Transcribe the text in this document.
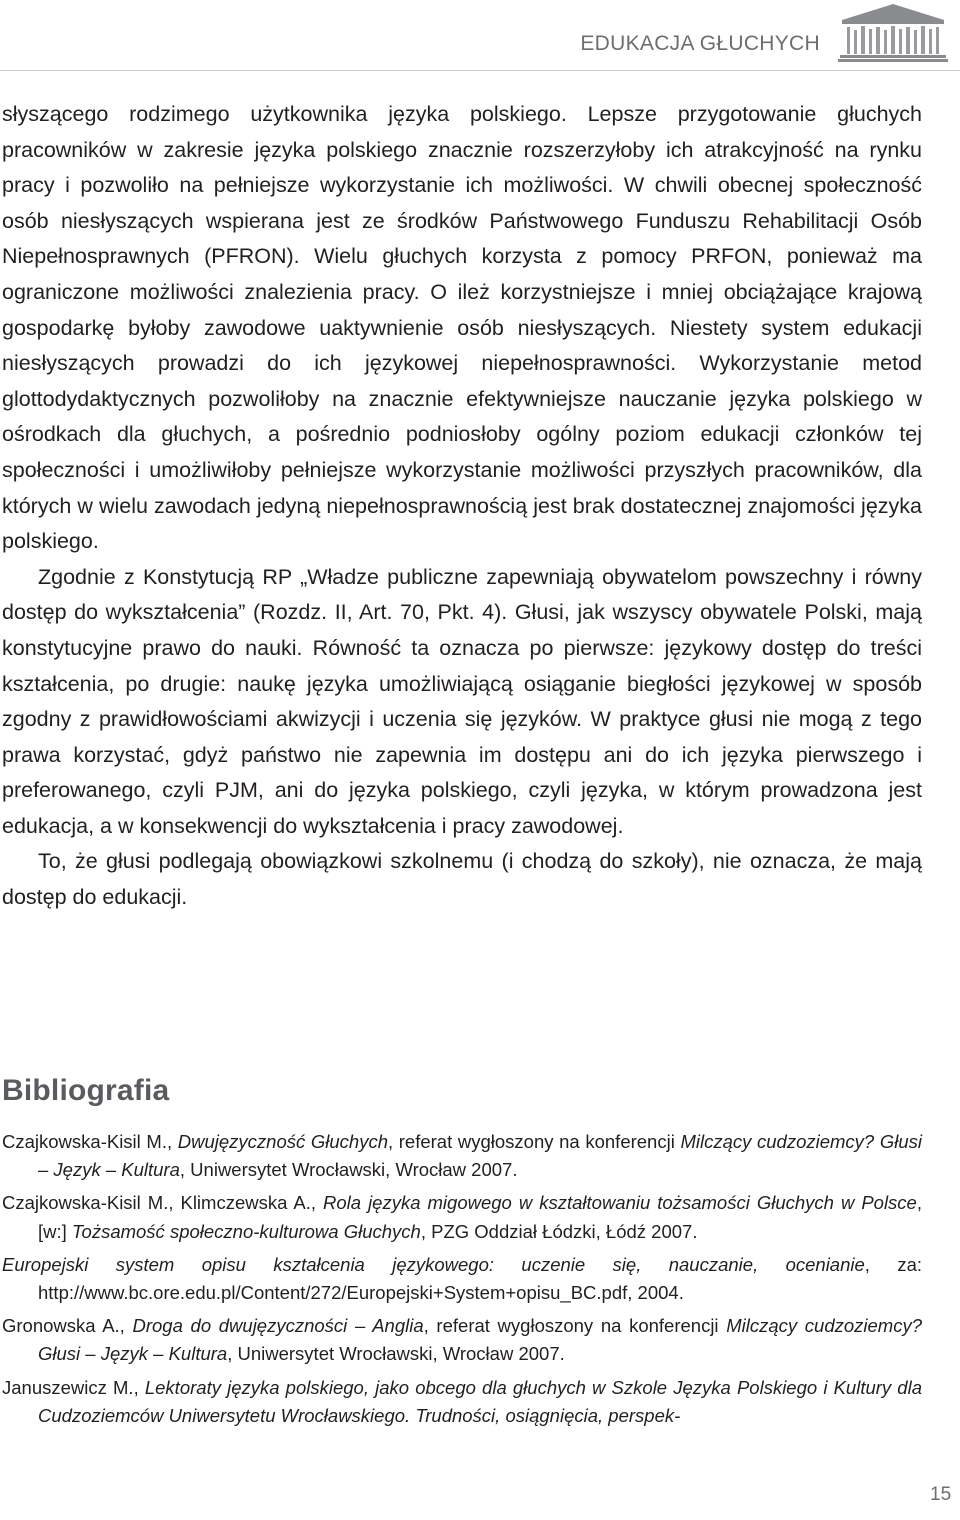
EDUKACJA GŁUCHYCH

słyszącego rodzimego użytkownika języka polskiego. Lepsze przygotowanie głuchych pracowników w zakresie języka polskiego znacznie rozszerzyłoby ich atrakcyjność na rynku pracy i pozwoliło na pełniejsze wykorzystanie ich możliwości. W chwili obecnej społeczność osób niesłyszących wspierana jest ze środków Państwowego Funduszu Rehabilitacji Osób Niepełnosprawnych (PFRON). Wielu głuchych korzysta z pomocy PRFON, ponieważ ma ograniczone możliwości znalezienia pracy. O ileż korzystniejsze i mniej obciążające krajową gospodarkę byłoby zawodowe uaktywnienie osób niesłyszących. Niestety system edukacji niesłyszących prowadzi do ich językowej niepełnosprawności. Wykorzystanie metod glottodydaktycznych pozwoliłoby na znacznie efektywniejsze nauczanie języka polskiego w ośrodkach dla głuchych, a pośrednio podniosłoby ogólny poziom edukacji członków tej społeczności i umożliwiłoby pełniejsze wykorzystanie możliwości przyszłych pracowników, dla których w wielu zawodach jedyną niepełnosprawnością jest brak dostatecznej znajomości języka polskiego.

Zgodnie z Konstytucją RP „Władze publiczne zapewniają obywatelom powszechny i równy dostęp do wykształcenia” (Rozdz. II, Art. 70, Pkt. 4). Głusi, jak wszyscy obywatele Polski, mają konstytucyjne prawo do nauki. Równość ta oznacza po pierwsze: językowy dostęp do treści kształcenia, po drugie: naukę języka umożliwiającą osiąganie biegłości językowej w sposób zgodny z prawidłowościami akwizycji i uczenia się języków. W praktyce głusi nie mogą z tego prawa korzystać, gdyż państwo nie zapewnia im dostępu ani do ich języka pierwszego i preferowanego, czyli PJM, ani do języka polskiego, czyli języka, w którym prowadzona jest edukacja, a w konsekwencji do wykształcenia i pracy zawodowej.

To, że głusi podlegają obowiązkowi szkolnemu (i chodzą do szkoły), nie oznacza, że mają dostęp do edukacji.

Bibliografia
Czajkowska-Kisil M., Dwujęzyczność Głuchych, referat wygłoszony na konferencji Milczący cudzoziemcy? Głusi – Język – Kultura, Uniwersytet Wrocławski, Wrocław 2007.
Czajkowska-Kisil M., Klimczewska A., Rola języka migowego w kształtowaniu tożsamości Głuchych w Polsce, [w:] Tożsamość społeczno-kulturowa Głuchych, PZG Oddział Łódzki, Łódź 2007.
Europejski system opisu kształcenia językowego: uczenie się, nauczanie, ocenianie, za: http://www.bc.ore.edu.pl/Content/272/Europejski+System+opisu_BC.pdf, 2004.
Gronowska A., Droga do dwujęzyczności – Anglia, referat wygłoszony na konferencji Milczący cudzoziemcy? Głusi – Język – Kultura, Uniwersytet Wrocławski, Wrocław 2007.
Januszewicz M., Lektoraty języka polskiego, jako obcego dla głuchych w Szkole Języka Polskiego i Kultury dla Cudzoziemców Uniwersytetu Wrocławskiego. Trudności, osiągnięcia, perspek-
15
